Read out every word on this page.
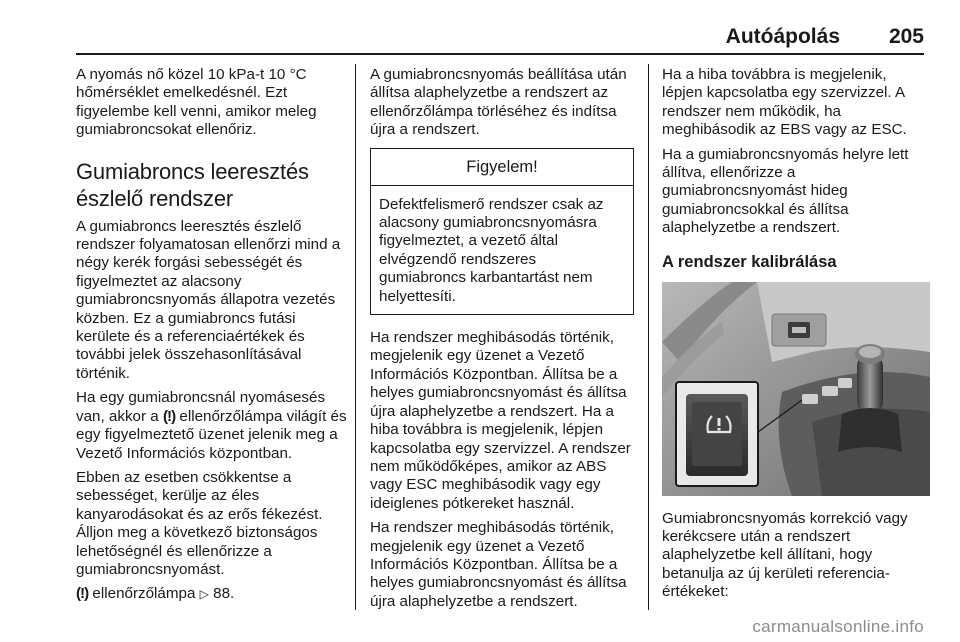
Autóápolás 205

A nyomás nő közel 10 kPa-t 10 °C hőmérséklet emelkedésnél. Ezt figyelembe kell venni, amikor meleg gumiabroncsokat ellenőriz.

Gumiabroncs leeresztés észlelő rendszer

A gumiabroncs leeresztés észlelő rendszer folyamatosan ellenőrzi mind a négy kerék forgási sebességét és figyelmeztet az alacsony gumiabroncsnyomás állapotra vezetés közben. Ez a gumiabroncs futási kerülete és a referenciaértékek és további jelek összehasonlításával történik.

Ha egy gumiabroncsnál nyomásesés van, akkor a (!) ellenőrzőlámpa világít és egy figyelmeztető üzenet jelenik meg a Vezető Információs központban.

Ebben az esetben csökkentse a sebességet, kerülje az éles kanyarodásokat és az erős fékezést. Álljon meg a következő biztonságos lehetőségnél és ellenőrizze a gumiabroncsnyomást.

(!) ellenőrzőlámpa ▷ 88.

A gumiabroncsnyomás beállítása után állítsa alaphelyzetbe a rendszert az ellenőrzőlámpa törléséhez és indítsa újra a rendszert.

Figyelem!
Defektfelismerő rendszer csak az alacsony gumiabroncsnyomásra figyelmeztet, a vezető által elvégzendő rendszeres gumiabroncs karbantartást nem helyettesíti.

Ha rendszer meghibásodás történik, megjelenik egy üzenet a Vezető Információs Központban. Állítsa be a helyes gumiabroncsnyomást és állítsa újra alaphelyzetbe a rendszert. Ha a hiba továbbra is megjelenik, lépjen kapcsolatba egy szervizzel. A rendszer nem működőképes, amikor az ABS vagy ESC meghibásodik vagy egy ideiglenes pótkereket használ.

Ha rendszer meghibásodás történik, megjelenik egy üzenet a Vezető Információs Központban. Állítsa be a helyes gumiabroncsnyomást és állítsa újra alaphelyzetbe a rendszert.

Ha a hiba továbbra is megjelenik, lépjen kapcsolatba egy szervizzel. A rendszer nem működik, ha meghibásodik az EBS vagy az ESC.

Ha a gumiabroncsnyomás helyre lett állítva, ellenőrizze a gumiabroncsnyomást hideg gumiabroncsokkal és állítsa alaphelyzetbe a rendszert.

A rendszer kalibrálása

Gumiabroncsnyomás korrekció vagy kerékcsere után a rendszert alaphelyzetbe kell állítani, hogy betanulja az új kerületi referencia-értékeket:

carmanualsonline.info
